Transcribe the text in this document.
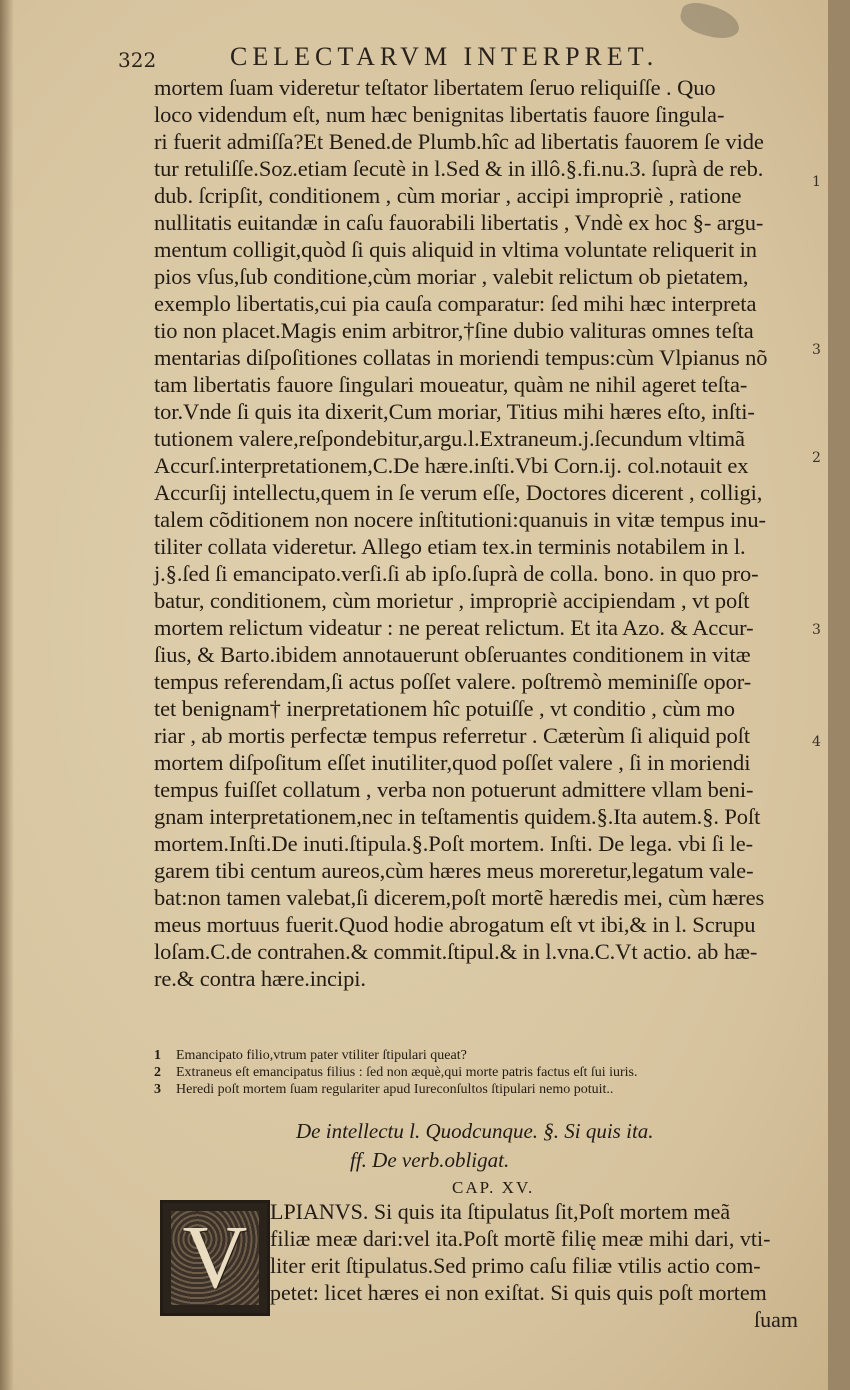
322	CELECTARVM INTERPRET.
mortem ſuam videretur teſtator libertatem ſeruo reliquiſſe . Quo
loco videndum eſt, num hæc benignitas libertatis fauore ſingula-
ri fuerit admiſſa?Et Bened.de Plumb.hîc ad libertatis fauorem ſe vide
tur retuliſſe.Soz.etiam ſecutè in l.Sed & in illô.§.fi.nu.3. ſuprà de reb.
dub. ſcripſit, conditionem , cùm moriar , accipi impropriè , ratione
nullitatis euitandæ in caſu fauorabili libertatis , Vndè ex hoc §- argu-
mentum colligit,quòd ſi quis aliquid in vltima voluntate reliquerit in
pios vſus,ſub conditione,cùm moriar , valebit relictum ob pietatem,
exemplo libertatis,cui pia cauſa comparatur: ſed mihi hæc interpreta
tio non placet.Magis enim arbitror,†ſine dubio valituras omnes teſta
mentarias diſpoſitiones collatas in moriendi tempus:cùm Vlpianus nõ
tam libertatis fauore ſingulari moueatur, quàm ne nihil ageret teſta-
tor.Vnde ſi quis ita dixerit,Cum moriar, Titius mihi hæres eſto, inſti-
tutionem valere,reſpondebitur,argu.l.Extraneum.j.ſecundum vltimã
Accurſ.interpretationem,C.De hære.inſti.Vbi Corn.ij. col.notauit ex
Accurſij intellectu,quem in ſe verum eſſe, Doctores dicerent , colligi,
talem cõditionem non nocere inſtitutioni:quanuis in vitæ tempus inu-
tiliter collata videretur. Allego etiam tex.in terminis notabilem in l.
j.§.ſed ſi emancipato.verſi.ſi ab ipſo.ſuprà de colla. bono. in quo pro-
batur, conditionem, cùm morietur , impropriè accipiendam , vt poſt
mortem relictum videatur : ne pereat relictum. Et ita Azo. & Accur-
ſius, & Barto.ibidem annotauerunt obſeruantes conditionem in vitæ
tempus referendam,ſi actus poſſet valere. poſtremò meminiſſe opor-
tet benignam† inerpretationem hîc potuiſſe , vt conditio , cùm mo
riar , ab mortis perfectæ tempus referretur . Cæterùm ſi aliquid poſt
mortem diſpoſitum eſſet inutiliter,quod poſſet valere , ſi in moriendi
tempus fuiſſet collatum , verba non potuerunt admittere vllam beni-
gnam interpretationem,nec in teſtamentis quidem.§.Ita autem.§. Poſt
mortem.Inſti.De inuti.ſtipula.§.Poſt mortem. Inſti. De lega. vbi ſi le-
garem tibi centum aureos,cùm hæres meus moreretur,legatum vale-
bat:non tamen valebat,ſi dicerem,poſt mortẽ hæredis mei, cùm hæres
meus mortuus fuerit.Quod hodie abrogatum eſt vt ibi,& in l. Scrupu
loſam.C.de contrahen.& commit.ſtipul.& in l.vna.C.Vt actio. ab hæ-
re.& contra hære.incipi.
1
3
2
3
4
1 Emancipato filio,vtrum pater vtiliter ſtipulari queat?
2 Extraneus eſt emancipatus filius : ſed non æquè,qui morte patris factus eſt ſui iuris.
3 Heredi poſt mortem ſuam regulariter apud Iureconſultos ſtipulari nemo potuit..
De intellectu l. Quodcunque. §. Si quis ita.
ff. De verb.obligat.
CAP. XV.
V LPIANVS. Si quis ita ſtipulatus ſit,Poſt mortem meã
filiæ meæ dari:vel ita.Poſt mortẽ filię meæ mihi dari, vti-
liter erit ſtipulatus.Sed primo caſu filiæ vtilis actio com-
petet: licet hæres ei non exiſtat. Si quis quis poſt mortem
ſuam
